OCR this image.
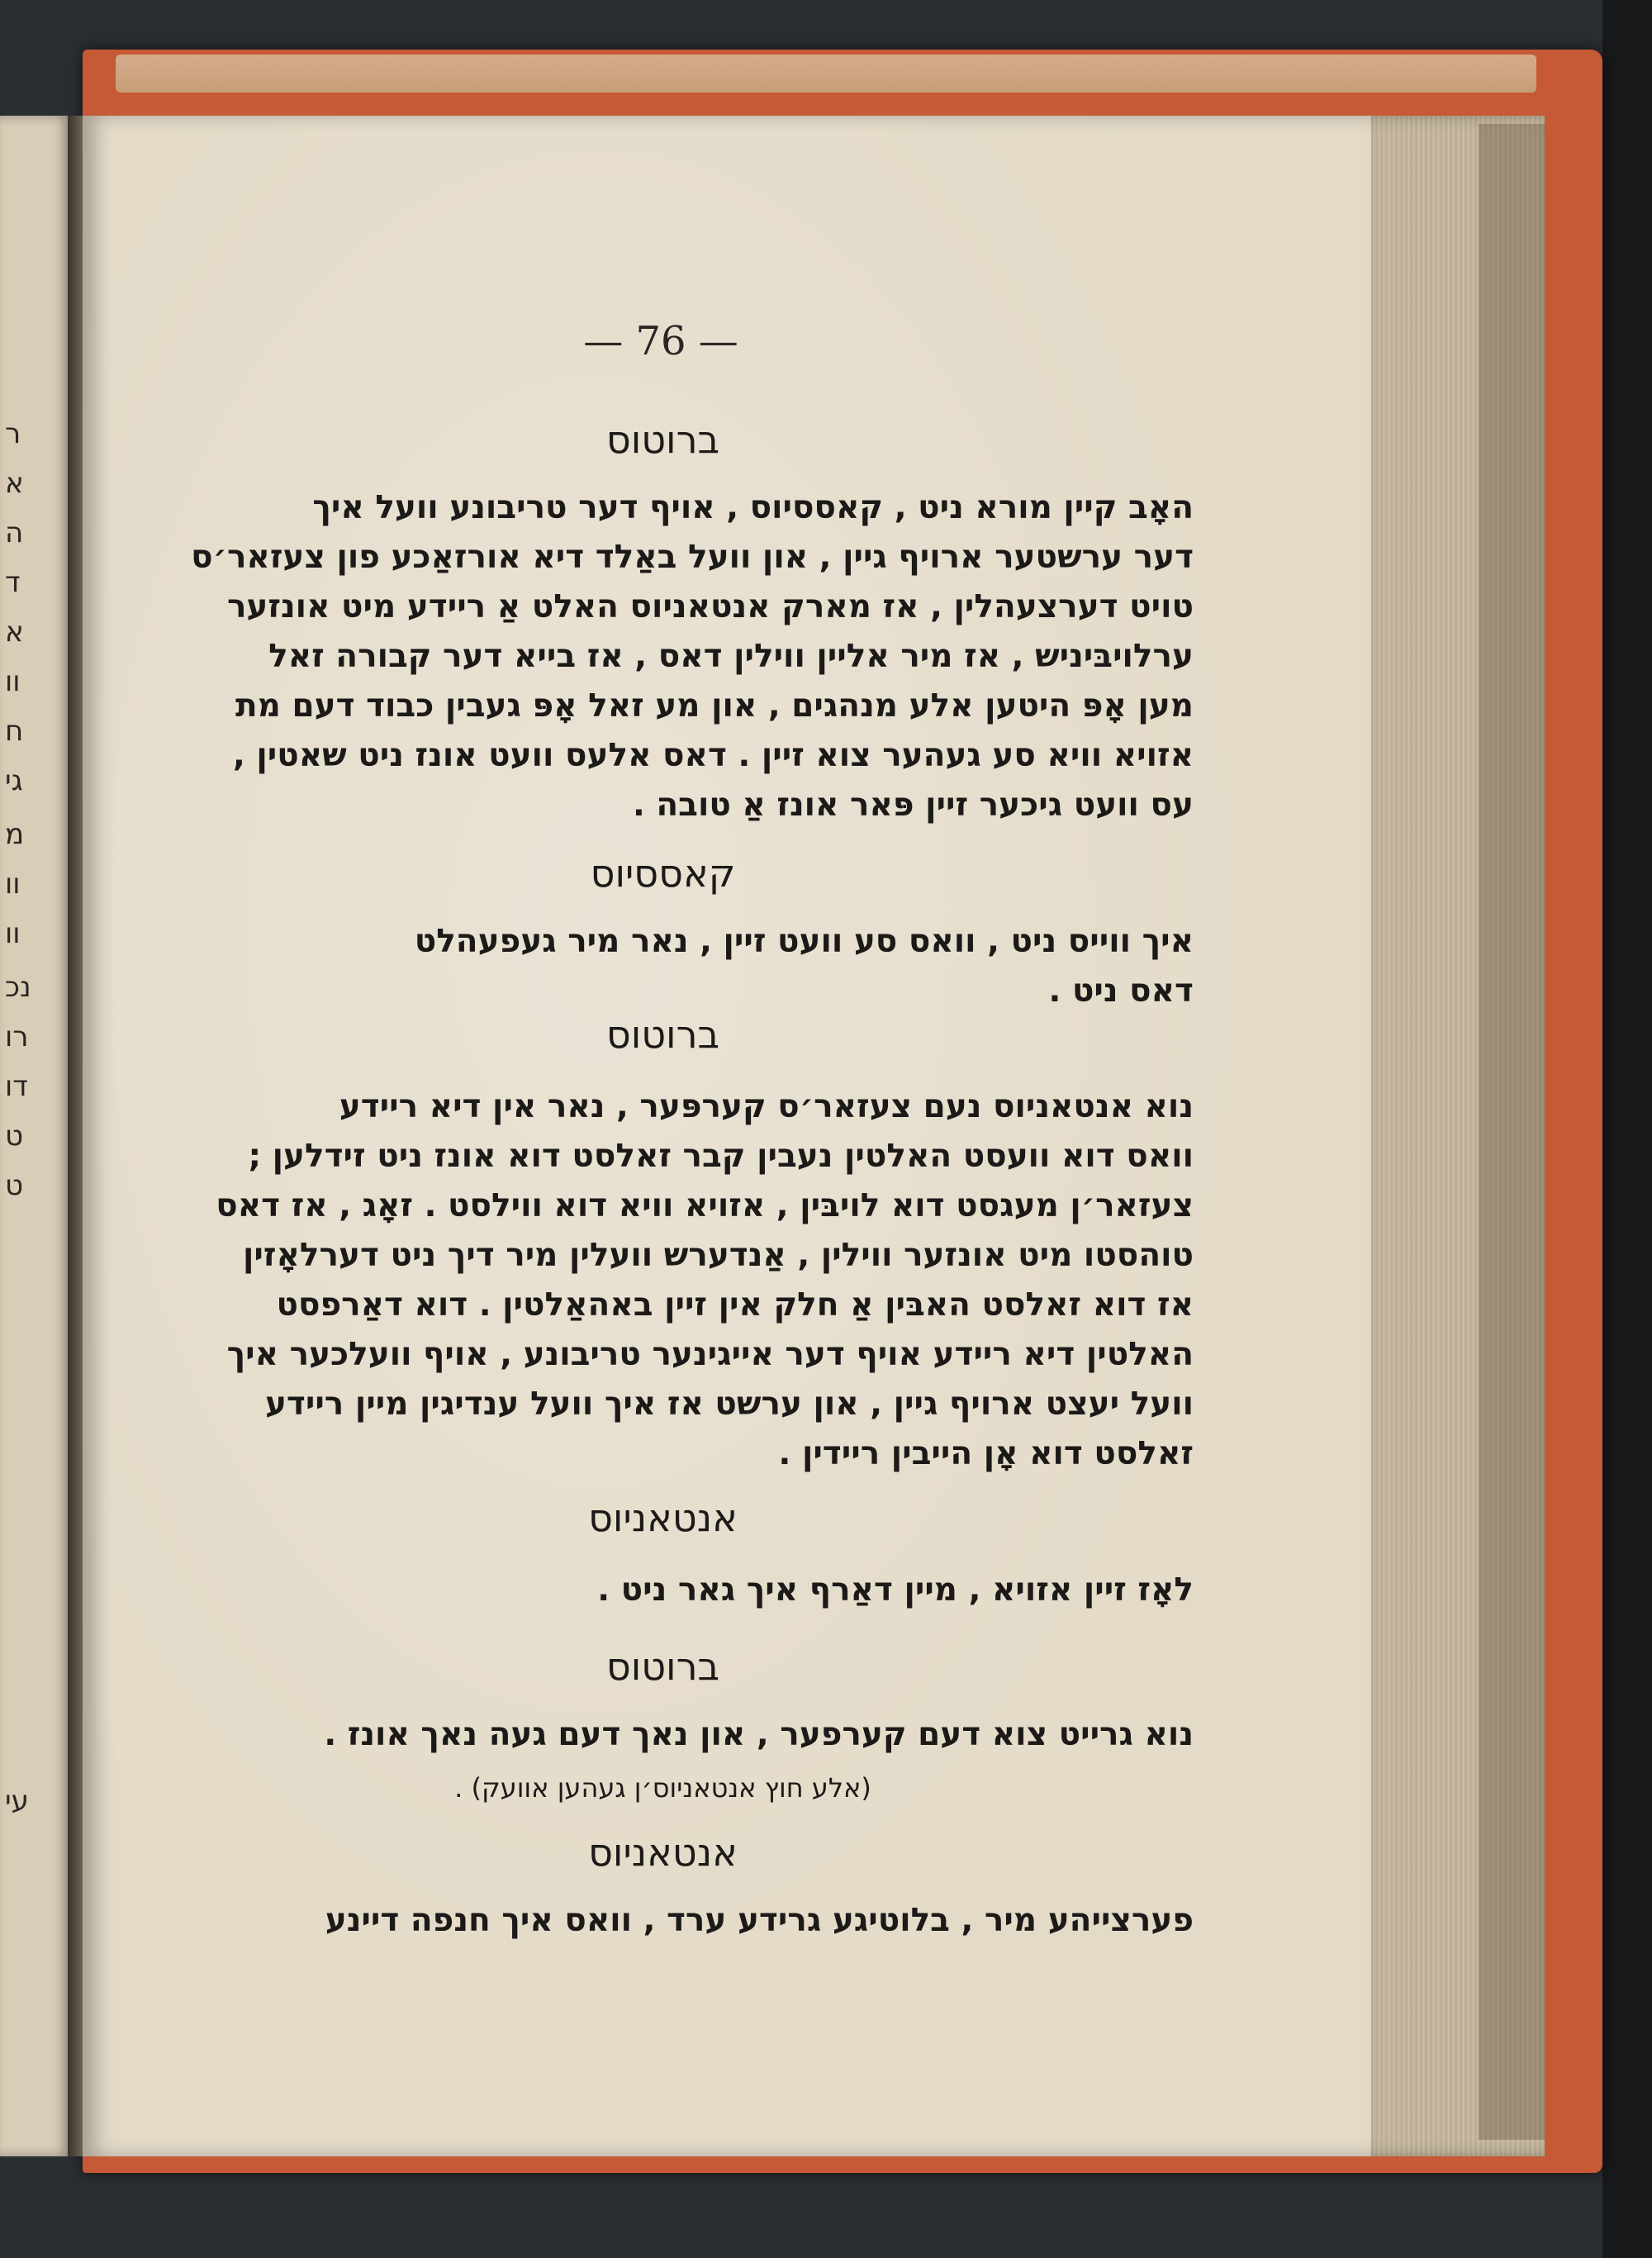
ר
א
ה
ד
א
וו
ח
גי
מ
וו
וו
נכ
רו
דו
ט
ט
עי
— 76 —
ברוטוס
האָב קיין מורא ניט , קאססיוס , אויף דער טריבונע וועל איך
דער ערשטער ארויף גיין , און וועל באַלד דיא אורזאַכע פון צעזאר׳ס
טויט דערצעהלין , אז מארק אנטאניוס האלט אַ ריידע מיט אונזער
ערלויבּיניש , אז מיר אליין ווילין דאס , אז בייא דער קבורה זאל
מען אָפּ היטען אלע מנהגים , און מע זאל אָפּ געבין כבוד דעם מת
אזויא וויא סע געהער צוא זיין . דאס אלעס וועט אונז ניט שאטין ,
עס וועט גיכער זיין פּאר אונז אַ טובה .
קאססיוס
איך ווייס ניט , וואס סע וועט זיין , נאר מיר געפעהלט
דאס ניט .
ברוטוס
נוא אנטאניוס נעם צעזאר׳ס קערפּער , נאר אין דיא ריידע
וואס דוא וועסט האלטין נעבין קבר זאלסט דוא אונז ניט זידלען ;
צעזאר׳ן מעגסט דוא לויבּין , אזויא וויא דוא ווילסט . זאָג , אז דאס
טוהסטו מיט אונזער ווילין , אַנדערש וועלין מיר דיך ניט דערלאָזין
אז דוא זאלסט האבּין אַ חלק אין זיין באהאַלטין . דוא דאַרפסט
האלטין דיא ריידע אויף דער אייגינער טריבונע , אויף וועלכער איך
וועל יעצט ארויף גיין , און ערשט אז איך וועל ענדיגין מיין ריידע
זאלסט דוא אָן הייבין ריידין .
אנטאניוס
לאָז זיין אזויא , מיין דאַרף איך גאר ניט .
ברוטוס
נוא גרייט צוא דעם קערפער , און נאך דעם געה נאך אונז .
(אלע חוץ אנטאניוס׳ן געהען אוועק) .
אנטאניוס
פערצייהע מיר , בלוטיגע גרידע ערד , וואס איך חנפה דיינע
